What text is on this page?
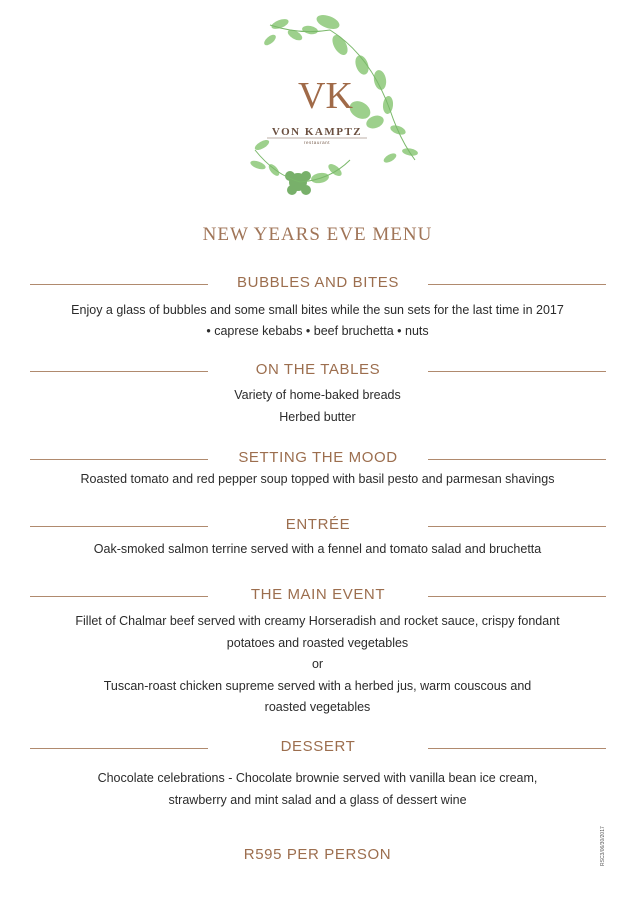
VK
VON KAMPTZ
restaurant
NEW YEARS EVE MENU
BUBBLES AND BITES
Enjoy a glass of bubbles and some small bites while the sun sets for the last time in 2017
• caprese kebabs • beef bruchetta • nuts
ON THE TABLES
Variety of home-baked breads
Herbed butter
SETTING THE MOOD
Roasted tomato and red pepper soup topped with basil pesto and parmesan shavings
ENTRÉE
Oak-smoked salmon terrine served with a fennel and tomato salad and bruchetta
THE MAIN EVENT
Fillet of Chalmar beef served with creamy Horseradish and rocket sauce, crispy fondant
potatoes and roasted vegetables
or
Tuscan-roast chicken supreme served with a herbed jus, warm couscous and
roasted vegetables
DESSERT
Chocolate celebrations - Chocolate brownie served with vanilla bean ice cream,
strawberry and mint salad and a glass of dessert wine
R595 PER PERSON	RSC3/06/30/2017
